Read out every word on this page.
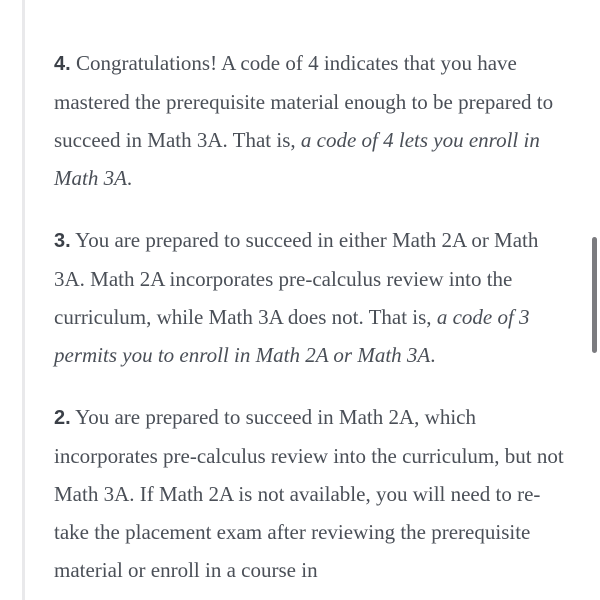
4. Congratulations! A code of 4 indicates that you have mastered the prerequisite material enough to be prepared to succeed in Math 3A. That is, a code of 4 lets you enroll in Math 3A.

3. You are prepared to succeed in either Math 2A or Math 3A. Math 2A incorporates pre-calculus review into the curriculum, while Math 3A does not. That is, a code of 3 permits you to enroll in Math 2A or Math 3A.

2. You are prepared to succeed in Math 2A, which incorporates pre-calculus review into the curriculum, but not Math 3A. If Math 2A is not available, you will need to re-take the placement exam after reviewing the prerequisite material or enroll in a course in
